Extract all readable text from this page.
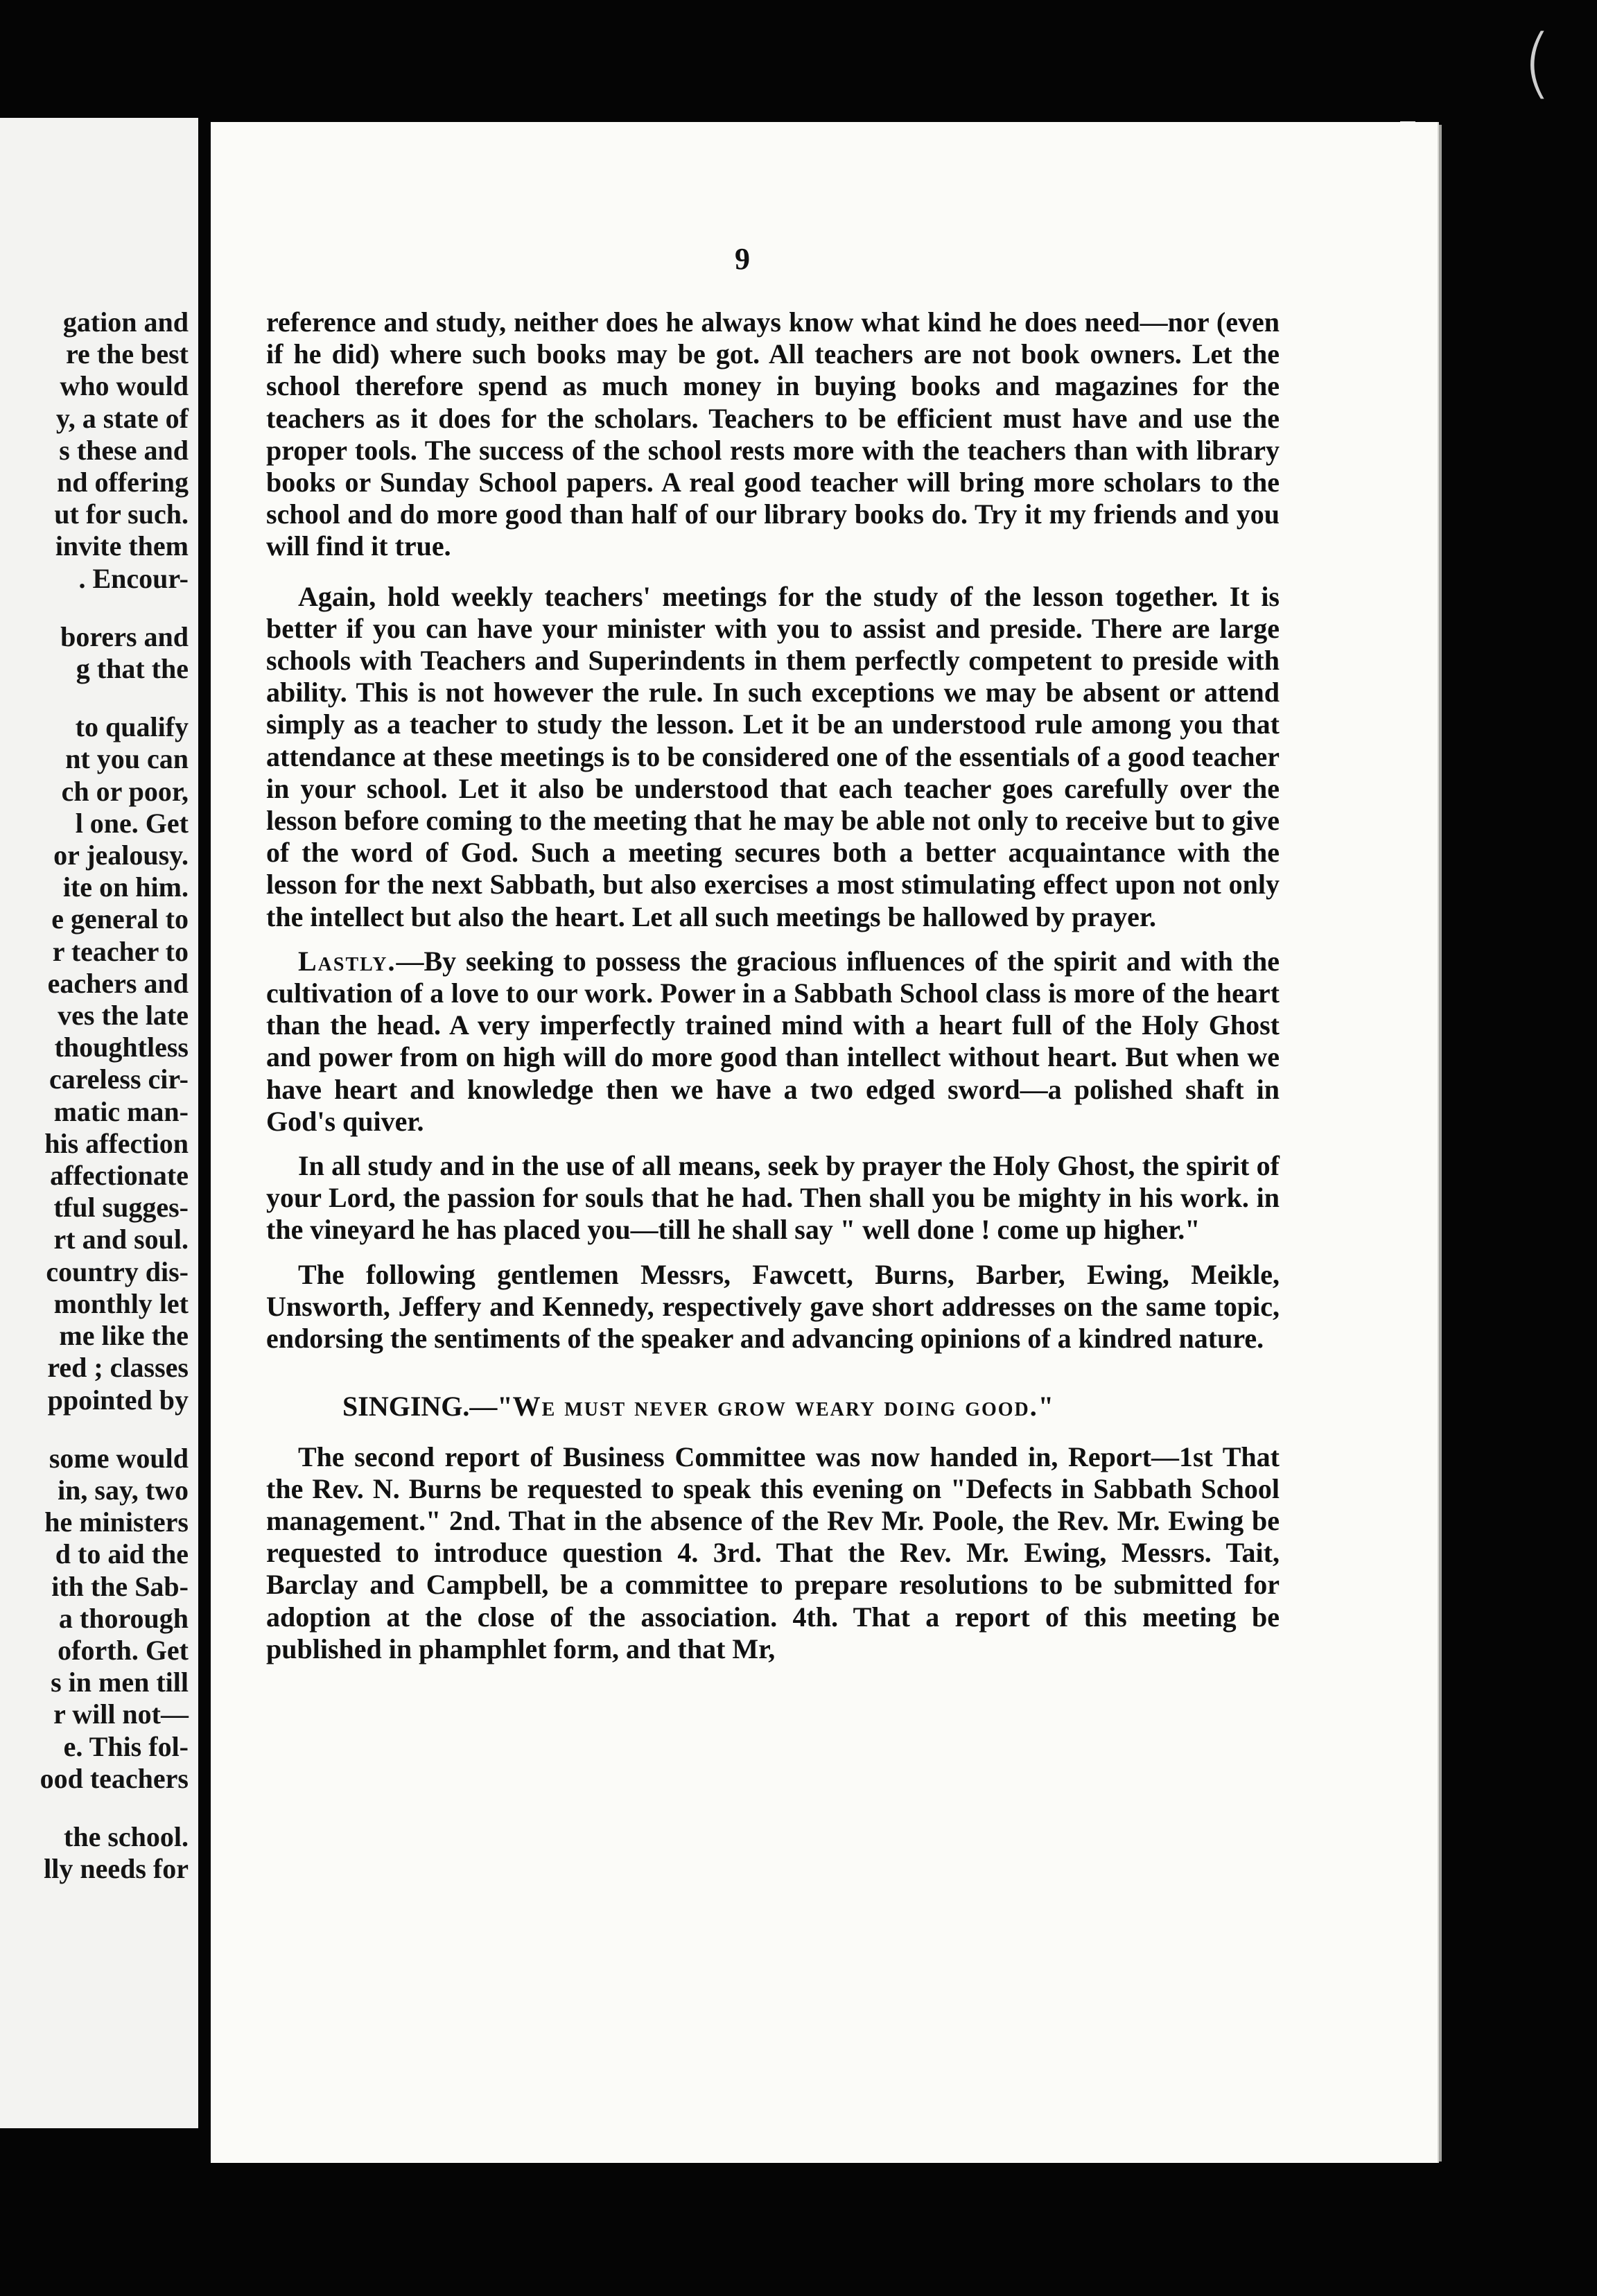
gation and
re the best
who would
y, a state of
s these and
nd offering
ut for such.
invite them
. Encour-
borers and
g that the
to qualify
nt you can
ch or poor,
l one. Get
or jealousy.
ite on him.
e general to
r teacher to
eachers and
ves the late
thoughtless
careless cir-
matic man-
his affection
affectionate
tful sugges-
rt and soul.
country dis-
monthly let
me like the
red ; classes
ppointed by
some would
in, say, two
he ministers
d to aid the
ith the Sab-
a thorough
oforth. Get
s in men till
r will not—
e. This fol-
ood teachers
the school.
lly needs for
9

reference and study, neither does he always know what kind he does need—nor (even if he did) where such books may be got. All teachers are not book owners. Let the school therefore spend as much money in buying books and magazines for the teachers as it does for the scholars. Teachers to be efficient must have and use the proper tools. The success of the school rests more with the teachers than with library books or Sunday School papers. A real good teacher will bring more scholars to the school and do more good than half of our library books do. Try it my friends and you will find it true.

Again, hold weekly teachers' meetings for the study of the lesson together. It is better if you can have your minister with you to assist and preside. There are large schools with Teachers and Superindents in them perfectly competent to preside with ability. This is not however the rule. In such exceptions we may be absent or attend simply as a teacher to study the lesson. Let it be an understood rule among you that attendance at these meetings is to be considered one of the essentials of a good teacher in your school. Let it also be understood that each teacher goes carefully over the lesson before coming to the meeting that he may be able not only to receive but to give of the word of God. Such a meeting secures both a better acquaintance with the lesson for the next Sabbath, but also exercises a most stimulating effect upon not only the intellect but also the heart. Let all such meetings be hallowed by prayer.

Lastly.—By seeking to possess the gracious influences of the spirit and with the cultivation of a love to our work. Power in a Sabbath School class is more of the heart than the head. A very imperfectly trained mind with a heart full of the Holy Ghost and power from on high will do more good than intellect without heart. But when we have heart and knowledge then we have a two edged sword—a polished shaft in God's quiver.

In all study and in the use of all means, seek by prayer the Holy Ghost, the spirit of your Lord, the passion for souls that he had. Then shall you be mighty in his work. in the vineyard he has placed you—till he shall say " well done ! come up higher."

The following gentlemen Messrs, Fawcett, Burns, Barber, Ewing, Meikle, Unsworth, Jeffery and Kennedy, respectively gave short addresses on the same topic, endorsing the sentiments of the speaker and advancing opinions of a kindred nature.

SINGING.—"We must never grow weary doing good."

The second report of Business Committee was now handed in, Report—1st That the Rev. N. Burns be requested to speak this evening on "Defects in Sabbath School management." 2nd. That in the absence of the Rev Mr. Poole, the Rev. Mr. Ewing be requested to introduce question 4. 3rd. That the Rev. Mr. Ewing, Messrs. Tait, Barclay and Campbell, be a committee to prepare resolutions to be submitted for adoption at the close of the association. 4th. That a report of this meeting be published in phamphlet form, and that Mr,

(
